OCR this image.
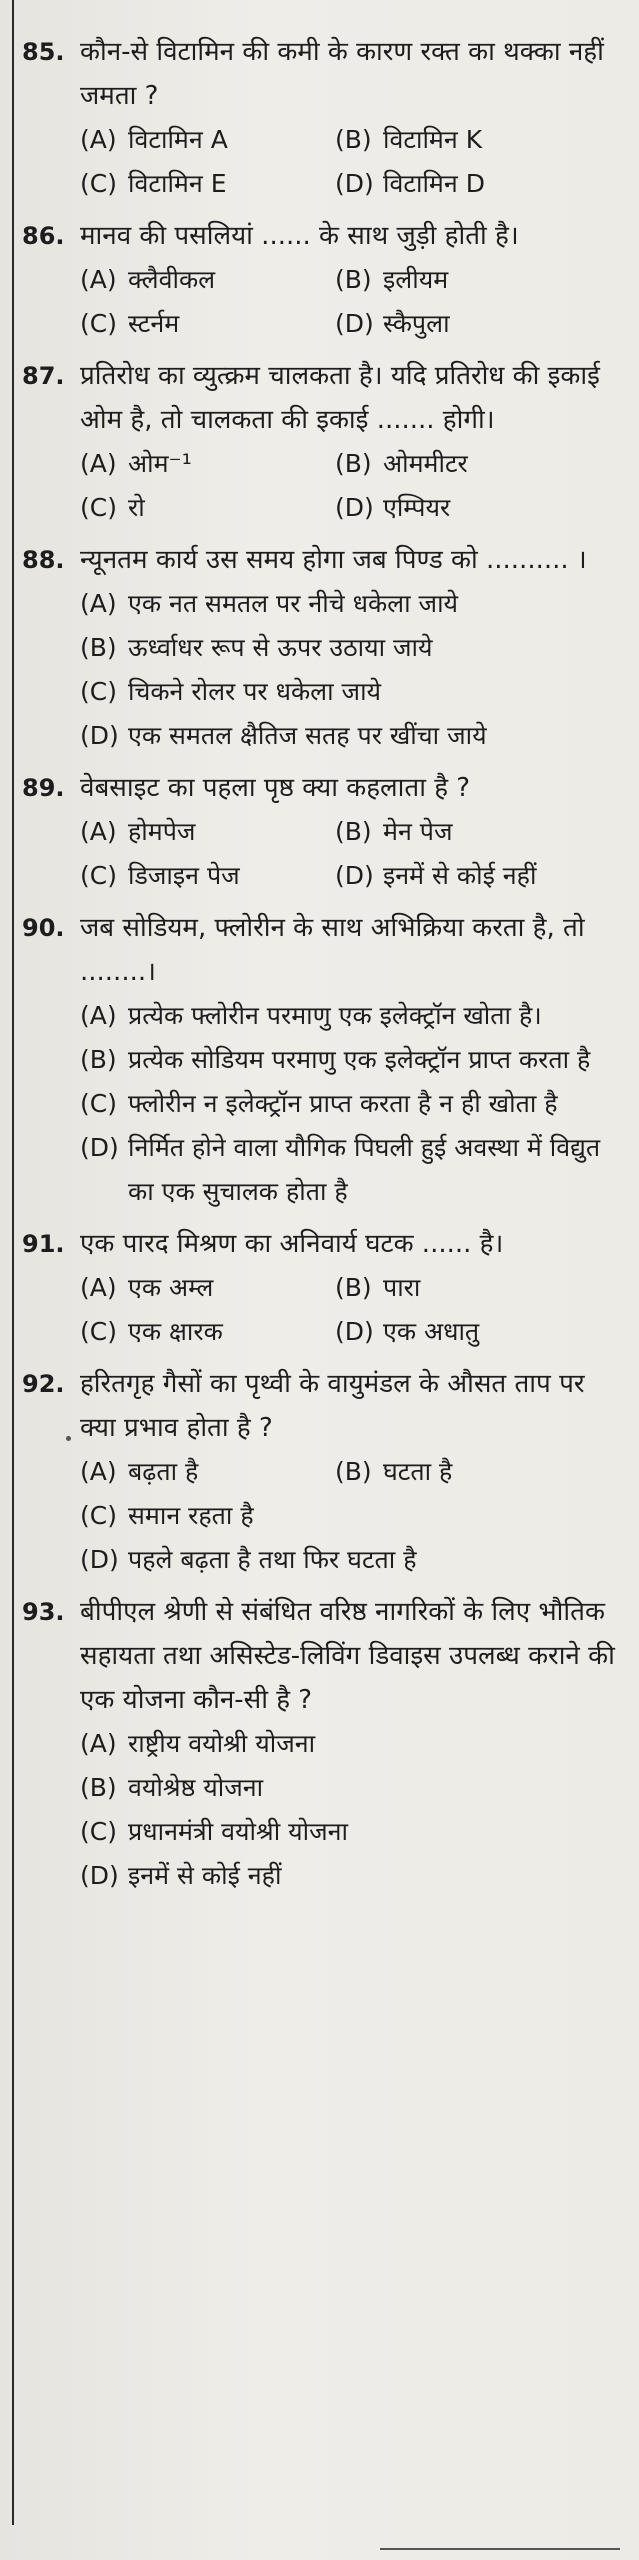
85. कौन-से विटामिन की कमी के कारण रक्त का थक्का नहीं जमता ?
(A) विटामिन A	(B) विटामिन K
(C) विटामिन E	(D) विटामिन D
86. मानव की पसलियां ...... के साथ जुड़ी होती है।
(A) क्लैवीकल	(B) इलीयम
(C) स्टर्नम	(D) स्कैपुला
87. प्रतिरोध का व्युत्क्रम चालकता है। यदि प्रतिरोध की इकाई ओम है, तो चालकता की इकाई ....... होगी।
(A) ओम⁻¹	(B) ओममीटर
(C) रो	(D) एम्पियर
88. न्यूनतम कार्य उस समय होगा जब पिण्ड को .......... ।
(A) एक नत समतल पर नीचे धकेला जाये
(B) ऊर्ध्वाधर रूप से ऊपर उठाया जाये
(C) चिकने रोलर पर धकेला जाये
(D) एक समतल क्षैतिज सतह पर खींचा जाये
89. वेबसाइट का पहला पृष्ठ क्या कहलाता है ?
(A) होमपेज	(B) मेन पेज
(C) डिजाइन पेज	(D) इनमें से कोई नहीं
90. जब सोडियम, फ्लोरीन के साथ अभिक्रिया करता है, तो ........।
(A) प्रत्येक फ्लोरीन परमाणु एक इलेक्ट्रॉन खोता है।
(B) प्रत्येक सोडियम परमाणु एक इलेक्ट्रॉन प्राप्त करता है
(C) फ्लोरीन न इलेक्ट्रॉन प्राप्त करता है न ही खोता है
(D) निर्मित होने वाला यौगिक पिघली हुई अवस्था में विद्युत का एक सुचालक होता है
91. एक पारद मिश्रण का अनिवार्य घटक ...... है।
(A) एक अम्ल	(B) पारा
(C) एक क्षारक	(D) एक अधातु
92. हरितगृह गैसों का पृथ्वी के वायुमंडल के औसत ताप पर क्या प्रभाव होता है ?
(A) बढ़ता है	(B) घटता है
(C) समान रहता है
(D) पहले बढ़ता है तथा फिर घटता है
93. बीपीएल श्रेणी से संबंधित वरिष्ठ नागरिकों के लिए भौतिक सहायता तथा असिस्टेड-लिविंग डिवाइस उपलब्ध कराने की एक योजना कौन-सी है ?
(A) राष्ट्रीय वयोश्री योजना
(B) वयोश्रेष्ठ योजना
(C) प्रधानमंत्री वयोश्री योजना
(D) इनमें से कोई नहीं
